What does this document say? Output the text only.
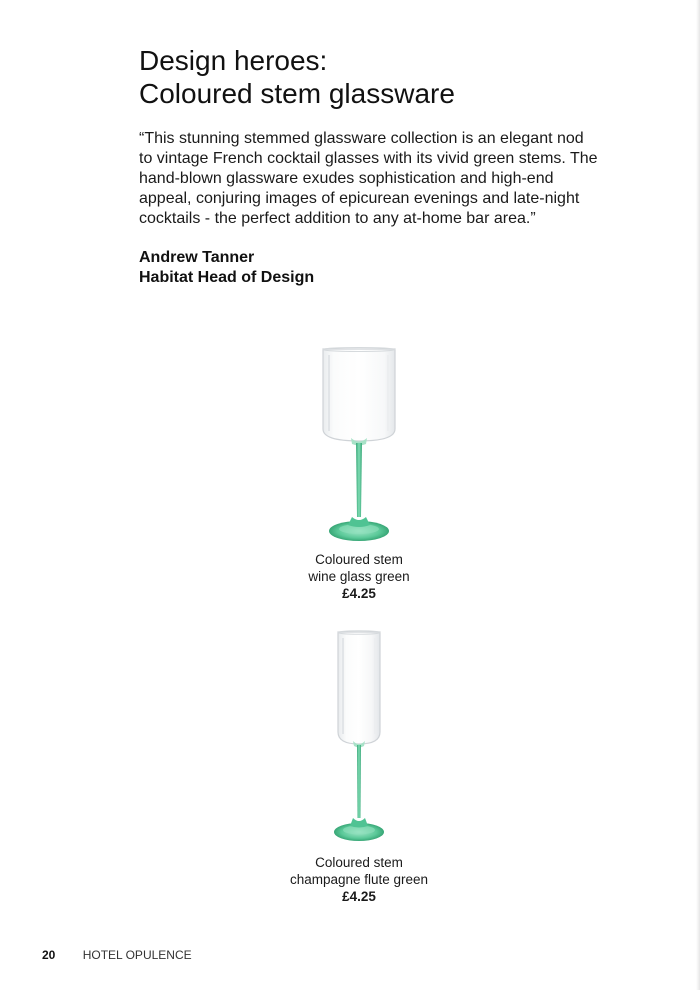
Design heroes:
Coloured stem glassware

“This stunning stemmed glassware collection is an elegant nod to vintage French cocktail glasses with its vivid green stems. The hand-blown glassware exudes sophistication and high-end appeal, conjuring images of epicurean evenings and late-night cocktails - the perfect addition to any at-home bar area.”

Andrew Tanner
Habitat Head of Design
Coloured stem
wine glass green
£4.25
Coloured stem
champagne flute green
£4.25
20 HOTEL OPULENCE
